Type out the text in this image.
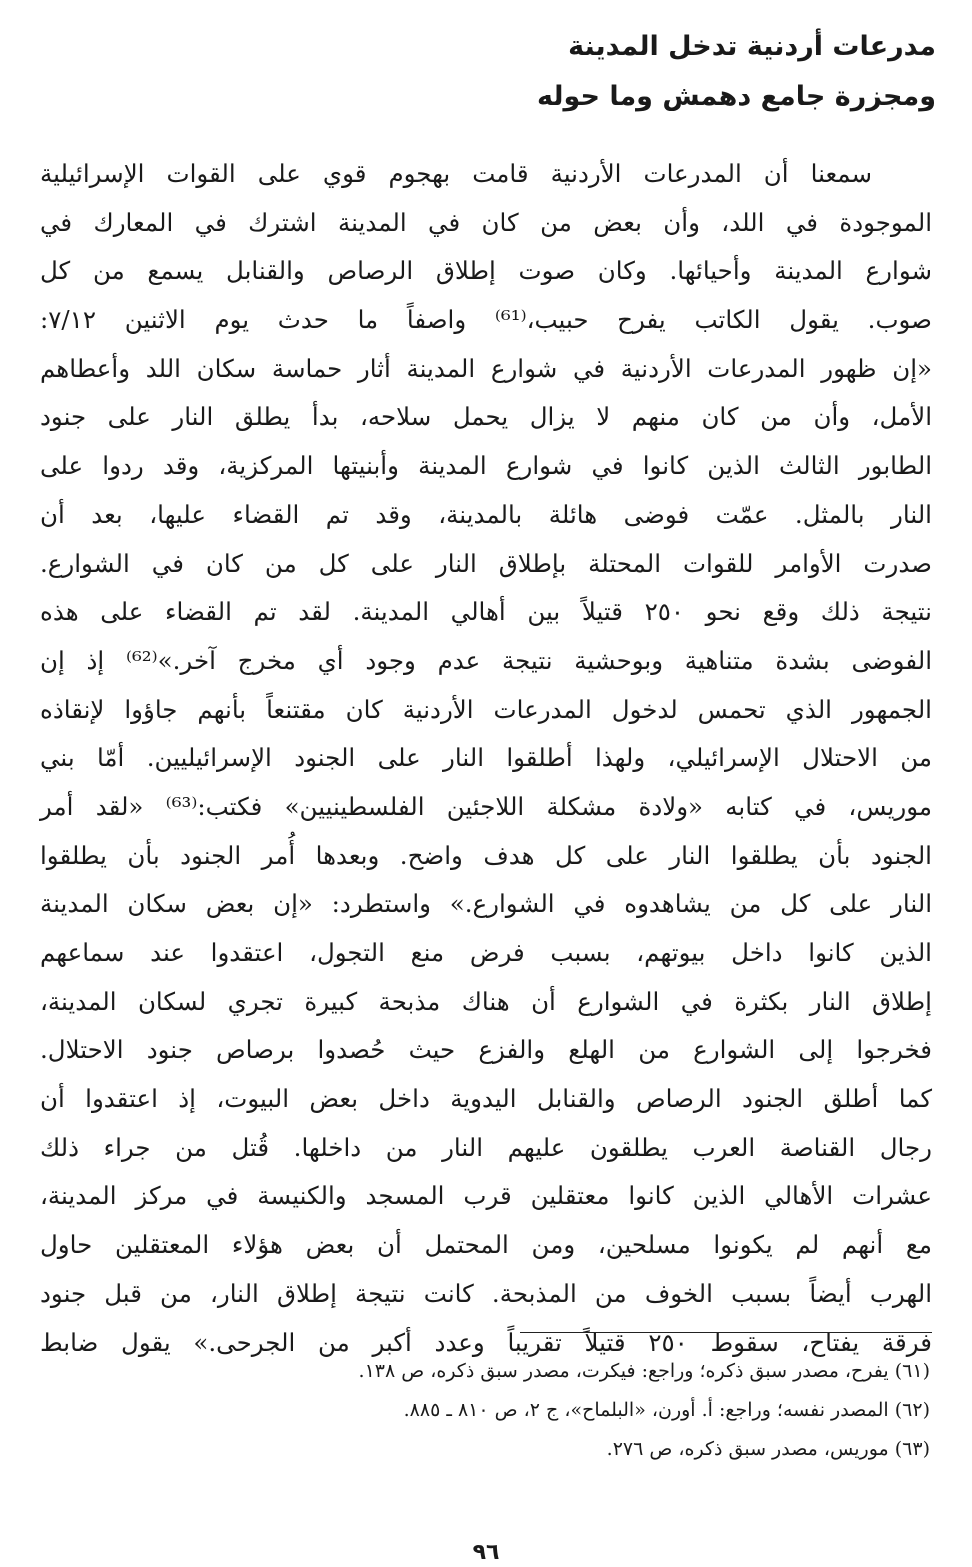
مدرعات أردنية تدخل المدينة
ومجزرة جامع دهمش وما حوله
سمعنا أن المدرعات الأردنية قامت بهجوم قوي على القوات الإسرائيلية
الموجودة في اللد، وأن بعض من كان في المدينة اشترك في المعارك في
شوارع المدينة وأحيائها. وكان صوت إطلاق الرصاص والقنابل يسمع من كل
صوب. يقول الكاتب يفرح حبيب،⁽⁶¹⁾ واصفاً ما حدث يوم الاثنين ٧/١٢:
«إن ظهور المدرعات الأردنية في شوارع المدينة أثار حماسة سكان اللد وأعطاهم
الأمل، وأن من كان منهم لا يزال يحمل سلاحه، بدأ يطلق النار على جنود
الطابور الثالث الذين كانوا في شوارع المدينة وأبنيتها المركزية، وقد ردوا على
النار بالمثل. عمّت فوضى هائلة بالمدينة، وقد تم القضاء عليها، بعد أن
صدرت الأوامر للقوات المحتلة بإطلاق النار على كل من كان في الشوارع.
نتيجة ذلك وقع نحو ٢٥٠ قتيلاً بين أهالي المدينة. لقد تم القضاء على هذه
الفوضى بشدة متناهية وبوحشية نتيجة عدم وجود أي مخرج آخر.»⁽⁶²⁾ إذ إن
الجمهور الذي تحمس لدخول المدرعات الأردنية كان مقتنعاً بأنهم جاؤوا لإنقاذه
من الاحتلال الإسرائيلي، ولهذا أطلقوا النار على الجنود الإسرائيليين. أمّا بني
موريس، في كتابه «ولادة مشكلة اللاجئين الفلسطينيين» فكتب:⁽⁶³⁾ «لقد أمر
الجنود بأن يطلقوا النار على كل هدف واضح. وبعدها أُمر الجنود بأن يطلقوا
النار على كل من يشاهدوه في الشوارع.» واستطرد: «إن بعض سكان المدينة
الذين كانوا داخل بيوتهم، بسبب فرض منع التجول، اعتقدوا عند سماعهم
إطلاق النار بكثرة في الشوارع أن هناك مذبحة كبيرة تجري لسكان المدينة،
فخرجوا إلى الشوارع من الهلع والفزع حيث حُصدوا برصاص جنود الاحتلال.
كما أطلق الجنود الرصاص والقنابل اليدوية داخل بعض البيوت، إذ اعتقدوا أن
رجال القناصة العرب يطلقون عليهم النار من داخلها. قُتل من جراء ذلك
عشرات الأهالي الذين كانوا معتقلين قرب المسجد والكنيسة في مركز المدينة،
مع أنهم لم يكونوا مسلحين، ومن المحتمل أن بعض هؤلاء المعتقلين حاول
الهرب أيضاً بسبب الخوف من المذبحة. كانت نتيجة إطلاق النار، من قبل جنود
فرقة يفتاح، سقوط ٢٥٠ قتيلاً تقريباً وعدد أكبر من الجرحى.» يقول ضابط
(٦١) يفرح، مصدر سبق ذكره؛ وراجع: فيكرت، مصدر سبق ذكره، ص ١٣٨.
(٦٢) المصدر نفسه؛ وراجع: أ. أورن، «البلماح»، ج ٢، ص ٨١٠ ـ ٨٨٥.
(٦٣) موريس، مصدر سبق ذكره، ص ٢٧٦.
٩٦
